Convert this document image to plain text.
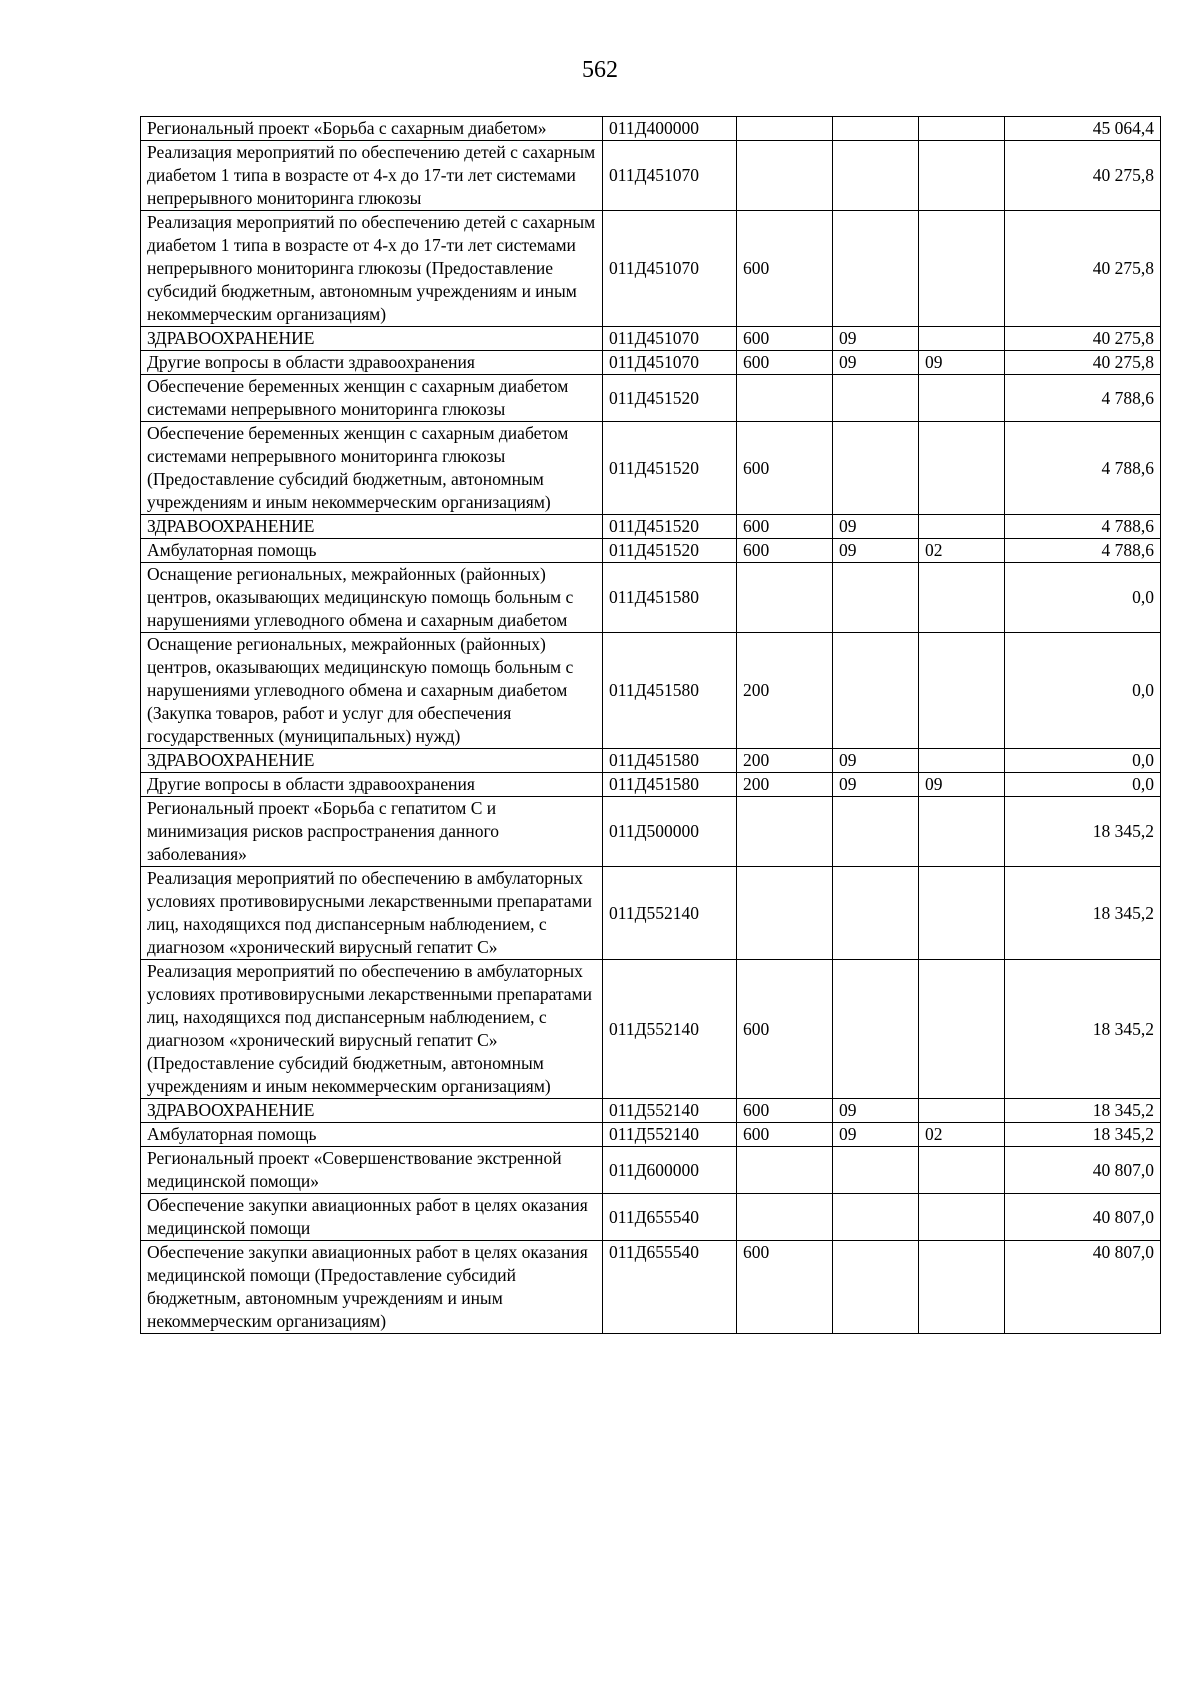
562
Региональный проект «Борьба с сахарным диабетом»	011Д400000				45 064,4
Реализация мероприятий по обеспечению детей с сахарным диабетом 1 типа в возрасте от 4-х до 17-ти лет системами непрерывного мониторинга глюкозы	011Д451070				40 275,8
Реализация мероприятий по обеспечению детей с сахарным диабетом 1 типа в возрасте от 4-х до 17-ти лет системами непрерывного мониторинга глюкозы (Предоставление субсидий бюджетным, автономным учреждениям и иным некоммерческим организациям)	011Д451070	600			40 275,8
ЗДРАВООХРАНЕНИЕ	011Д451070	600	09		40 275,8
Другие вопросы в области здравоохранения	011Д451070	600	09	09	40 275,8
Обеспечение беременных женщин с сахарным диабетом системами непрерывного мониторинга глюкозы	011Д451520				4 788,6
Обеспечение беременных женщин с сахарным диабетом системами непрерывного мониторинга глюкозы (Предоставление субсидий бюджетным, автономным учреждениям и иным некоммерческим организациям)	011Д451520	600			4 788,6
ЗДРАВООХРАНЕНИЕ	011Д451520	600	09		4 788,6
Амбулаторная помощь	011Д451520	600	09	02	4 788,6
Оснащение региональных, межрайонных (районных) центров, оказывающих медицинскую помощь больным с нарушениями углеводного обмена и сахарным диабетом	011Д451580				0,0
Оснащение региональных, межрайонных (районных) центров, оказывающих медицинскую помощь больным с нарушениями углеводного обмена и сахарным диабетом (Закупка товаров, работ и услуг для обеспечения государственных (муниципальных) нужд)	011Д451580	200			0,0
ЗДРАВООХРАНЕНИЕ	011Д451580	200	09		0,0
Другие вопросы в области здравоохранения	011Д451580	200	09	09	0,0
Региональный проект «Борьба с гепатитом С и минимизация рисков распространения данного заболевания»	011Д500000				18 345,2
Реализация мероприятий по обеспечению в амбулаторных условиях противовирусными лекарственными препаратами лиц, находящихся под диспансерным наблюдением, с диагнозом «хронический вирусный гепатит С»	011Д552140				18 345,2
Реализация мероприятий по обеспечению в амбулаторных условиях противовирусными лекарственными препаратами лиц, находящихся под диспансерным наблюдением, с диагнозом «хронический вирусный гепатит С» (Предоставление субсидий бюджетным, автономным учреждениям и иным некоммерческим организациям)	011Д552140	600			18 345,2
ЗДРАВООХРАНЕНИЕ	011Д552140	600	09		18 345,2
Амбулаторная помощь	011Д552140	600	09	02	18 345,2
Региональный проект «Совершенствование экстренной медицинской помощи»	011Д600000				40 807,0
Обеспечение закупки авиационных работ в целях оказания медицинской помощи	011Д655540				40 807,0
Обеспечение закупки авиационных работ в целях оказания медицинской помощи (Предоставление субсидий бюджетным, автономным учреждениям и иным некоммерческим организациям)	011Д655540	600			40 807,0
